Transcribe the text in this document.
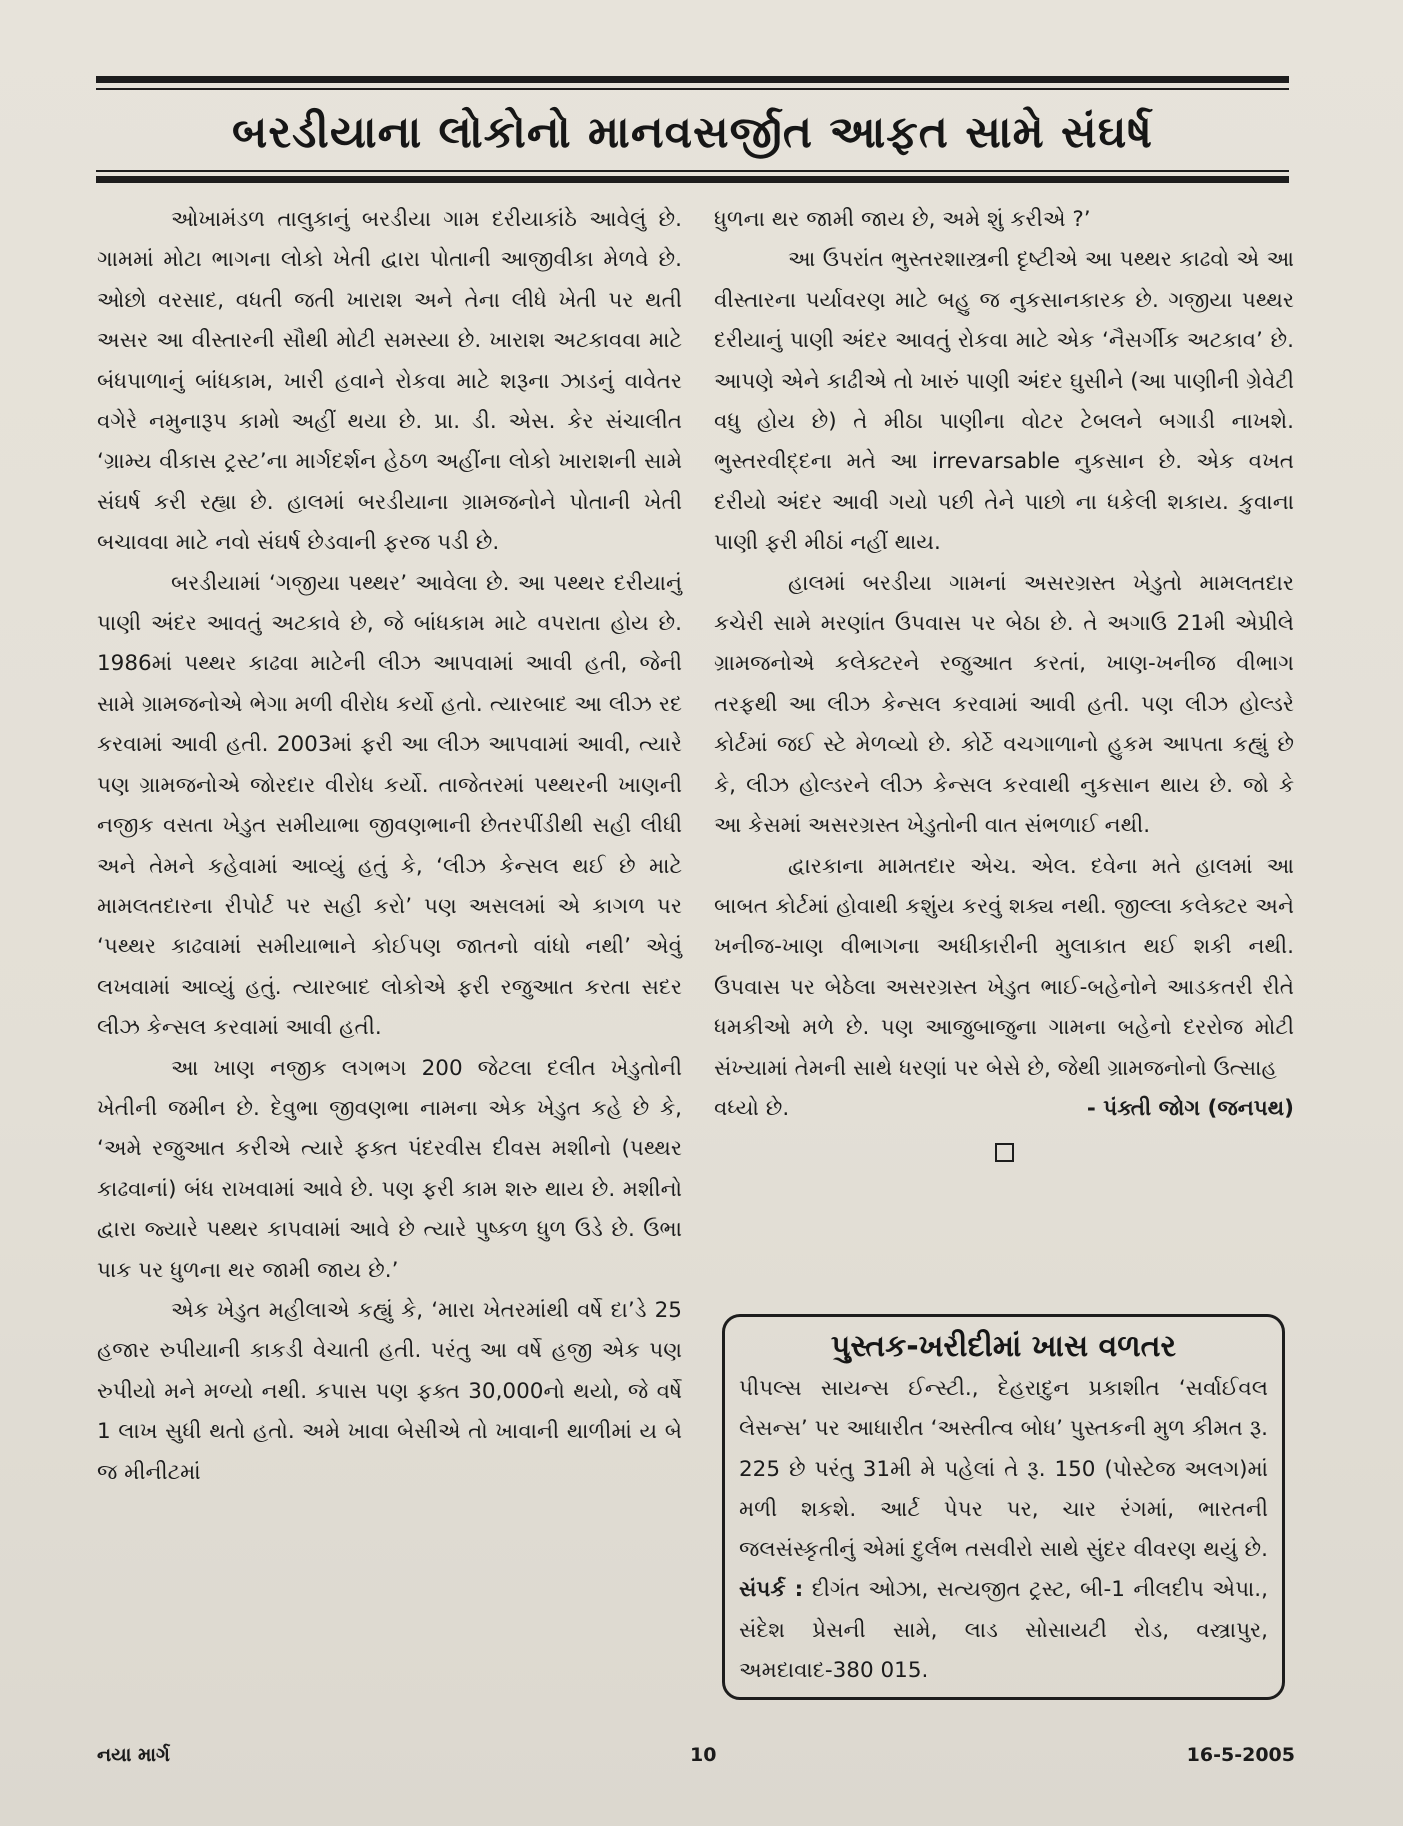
બરડીયાના લોકોનો માનવસર્જીત આફત સામે સંઘર્ષ

ઓખામંડળ તાલુકાનું બરડીયા ગામ દરીયાકાંઠે આવેલું છે. ગામમાં મોટા ભાગના લોકો ખેતી દ્વારા પોતાની આજીવીકા મેળવે છે. ઓછો વરસાદ, વધતી જતી ખારાશ અને તેના લીધે ખેતી પર થતી અસર આ વીસ્તારની સૌથી મોટી સમસ્યા છે. ખારાશ અટકાવવા માટે બંધપાળાનું બાંધકામ, ખારી હવાને રોકવા માટે શરૂના ઝાડનું વાવેતર વગેરે નમુનારૂપ કામો અહીં થયા છે. પ્રા. ડી. એસ. કેર સંચાલીત ‘ગ્રામ્ય વીકાસ ટ્રસ્ટ’ના માર્ગદર્શન હેઠળ અહીંના લોકો ખારાશની સામે સંઘર્ષ કરી રહ્યા છે. હાલમાં બરડીયાના ગ્રામજનોને પોતાની ખેતી બચાવવા માટે નવો સંઘર્ષ છેડવાની ફરજ પડી છે.

બરડીયામાં ‘ગજીયા પથ્થર’ આવેલા છે. આ પથ્થર દરીયાનું પાણી અંદર આવતું અટકાવે છે, જે બાંધકામ માટે વપરાતા હોય છે. 1986માં પથ્થર કાઢવા માટેની લીઝ આપવામાં આવી હતી, જેની સામે ગ્રામજનોએ ભેગા મળી વીરોધ કર્યો હતો. ત્યારબાદ આ લીઝ રદ કરવામાં આવી હતી. 2003માં ફરી આ લીઝ આપવામાં આવી, ત્યારે પણ ગ્રામજનોએ જોરદાર વીરોધ કર્યો. તાજેતરમાં પથ્થરની ખાણની નજીક વસતા ખેડુત સમીયાભા જીવણભાની છેતરપીંડીથી સહી લીધી અને તેમને કહેવામાં આવ્યું હતું કે, ‘લીઝ કેન્સલ થઈ છે માટે મામલતદારના રીપોર્ટ પર સહી કરો’ પણ અસલમાં એ કાગળ પર ‘પથ્થર કાઢવામાં સમીયાભાને કોઈપણ જાતનો વાંધો નથી’ એવું લખવામાં આવ્યું હતું. ત્યારબાદ લોકોએ ફરી રજુઆત કરતા સદર લીઝ કેન્સલ કરવામાં આવી હતી.

આ ખાણ નજીક લગભગ 200 જેટલા દલીત ખેડુતોની ખેતીની જમીન છે. દેવુભા જીવણભા નામના એક ખેડુત કહે છે કે, ‘અમે રજુઆત કરીએ ત્યારે ફક્ત પંદરવીસ દીવસ મશીનો (પથ્થર કાઢવાનાં) બંધ રાખવામાં આવે છે. પણ ફરી કામ શરુ થાય છે. મશીનો દ્વારા જ્યારે પથ્થર કાપવામાં આવે છે ત્યારે પુષ્કળ ધુળ ઉડે છે. ઉભા પાક પર ધુળના થર જામી જાય છે.’

એક ખેડુત મહીલાએ કહ્યું કે, ‘મારા ખેતરમાંથી વર્ષે દા’ડે 25 હજાર રુપીયાની કાકડી વેચાતી હતી. પરંતુ આ વર્ષે હજી એક પણ રુપીયો મને મળ્યો નથી. કપાસ પણ ફક્ત 30,000નો થયો, જે વર્ષે 1 લાખ સુધી થતો હતો. અમે ખાવા બેસીએ તો ખાવાની થાળીમાં ય બે જ મીનીટમાં

ધુળના થર જામી જાય છે, અમે શું કરીએ ?’

આ ઉપરાંત ભુસ્તરશાસ્ત્રની દૃષ્ટીએ આ પથ્થર કાઢવો એ આ વીસ્તારના પર્યાવરણ માટે બહુ જ નુકસાનકારક છે. ગજીયા પથ્થર દરીયાનું પાણી અંદર આવતું રોકવા માટે એક ‘નૈસર્ગીક અટકાવ’ છે. આપણે એને કાઢીએ તો ખારું પાણી અંદર ઘુસીને (આ પાણીની ગ્રેવેટી વધુ હોય છે) તે મીઠા પાણીના વોટર ટેબલને બગાડી નાખશે. ભુસ્તરવીદ્દના મતે આ irrevarsable નુકસાન છે. એક વખત દરીયો અંદર આવી ગયો પછી તેને પાછો ના ધકેલી શકાય. કુવાના પાણી ફરી મીઠાં નહીં થાય.

હાલમાં બરડીયા ગામનાં અસરગ્રસ્ત ખેડુતો મામલતદાર કચેરી સામે મરણાંત ઉપવાસ પર બેઠા છે. તે અગાઉ 21મી એપ્રીલે ગ્રામજનોએ કલેક્ટરને રજુઆત કરતાં, ખાણ-ખનીજ વીભાગ તરફથી આ લીઝ કેન્સલ કરવામાં આવી હતી. પણ લીઝ હોલ્ડરે કોર્ટમાં જઈ સ્ટે મેળવ્યો છે. કોર્ટે વચગાળાનો હુકમ આપતા કહ્યું છે કે, લીઝ હોલ્ડરને લીઝ કેન્સલ કરવાથી નુકસાન થાય છે. જો કે આ કેસમાં અસરગ્રસ્ત ખેડુતોની વાત સંભળાઈ નથી.

દ્વારકાના મામતદાર એચ. એલ. દવેના મતે હાલમાં આ બાબત કોર્ટમાં હોવાથી કશુંય કરવું શક્ય નથી. જીલ્લા કલેક્ટર અને ખનીજ-ખાણ વીભાગના અધીકારીની મુલાકાત થઈ શકી નથી. ઉપવાસ પર બેઠેલા અસરગ્રસ્ત ખેડુત ભાઈ-બહેનોને આડકતરી રીતે ધમકીઓ મળે છે. પણ આજુબાજુના ગામના બહેનો દરરોજ મોટી સંખ્યામાં તેમની સાથે ધરણાં પર બેસે છે, જેથી ગ્રામજનોનો ઉત્સાહ

વધ્યો છે.	- પંક્તી જોગ (જનપથ)
પુસ્તક-ખરીદીમાં ખાસ વળતર

પીપલ્સ સાયન્સ ઈન્સ્ટી., દેહરાદુન પ્રકાશીત ‘સર્વાઈવલ લેસન્સ’ પર આધારીત ‘અસ્તીત્વ બોધ’ પુસ્તકની મુળ કીમત રૂ. 225 છે પરંતુ 31મી મે પહેલાં તે રૂ. 150 (પોસ્ટેજ અલગ)માં મળી શકશે. આર્ટ પેપર પર, ચાર રંગમાં, ભારતની જલસંસ્કૃતીનું એમાં દુર્લભ તસવીરો સાથે સુંદર વીવરણ થયું છે. સંપર્ક : દીગંત ઓઝા, સત્યજીત ટ્રસ્ટ, બી-1 નીલદીપ એપા., સંદેશ પ્રેસની સામે, લાડ સોસાયટી રોડ, વસ્ત્રાપુર, અમદાવાદ-380 015.

નયા માર્ગ	10	16-5-2005
